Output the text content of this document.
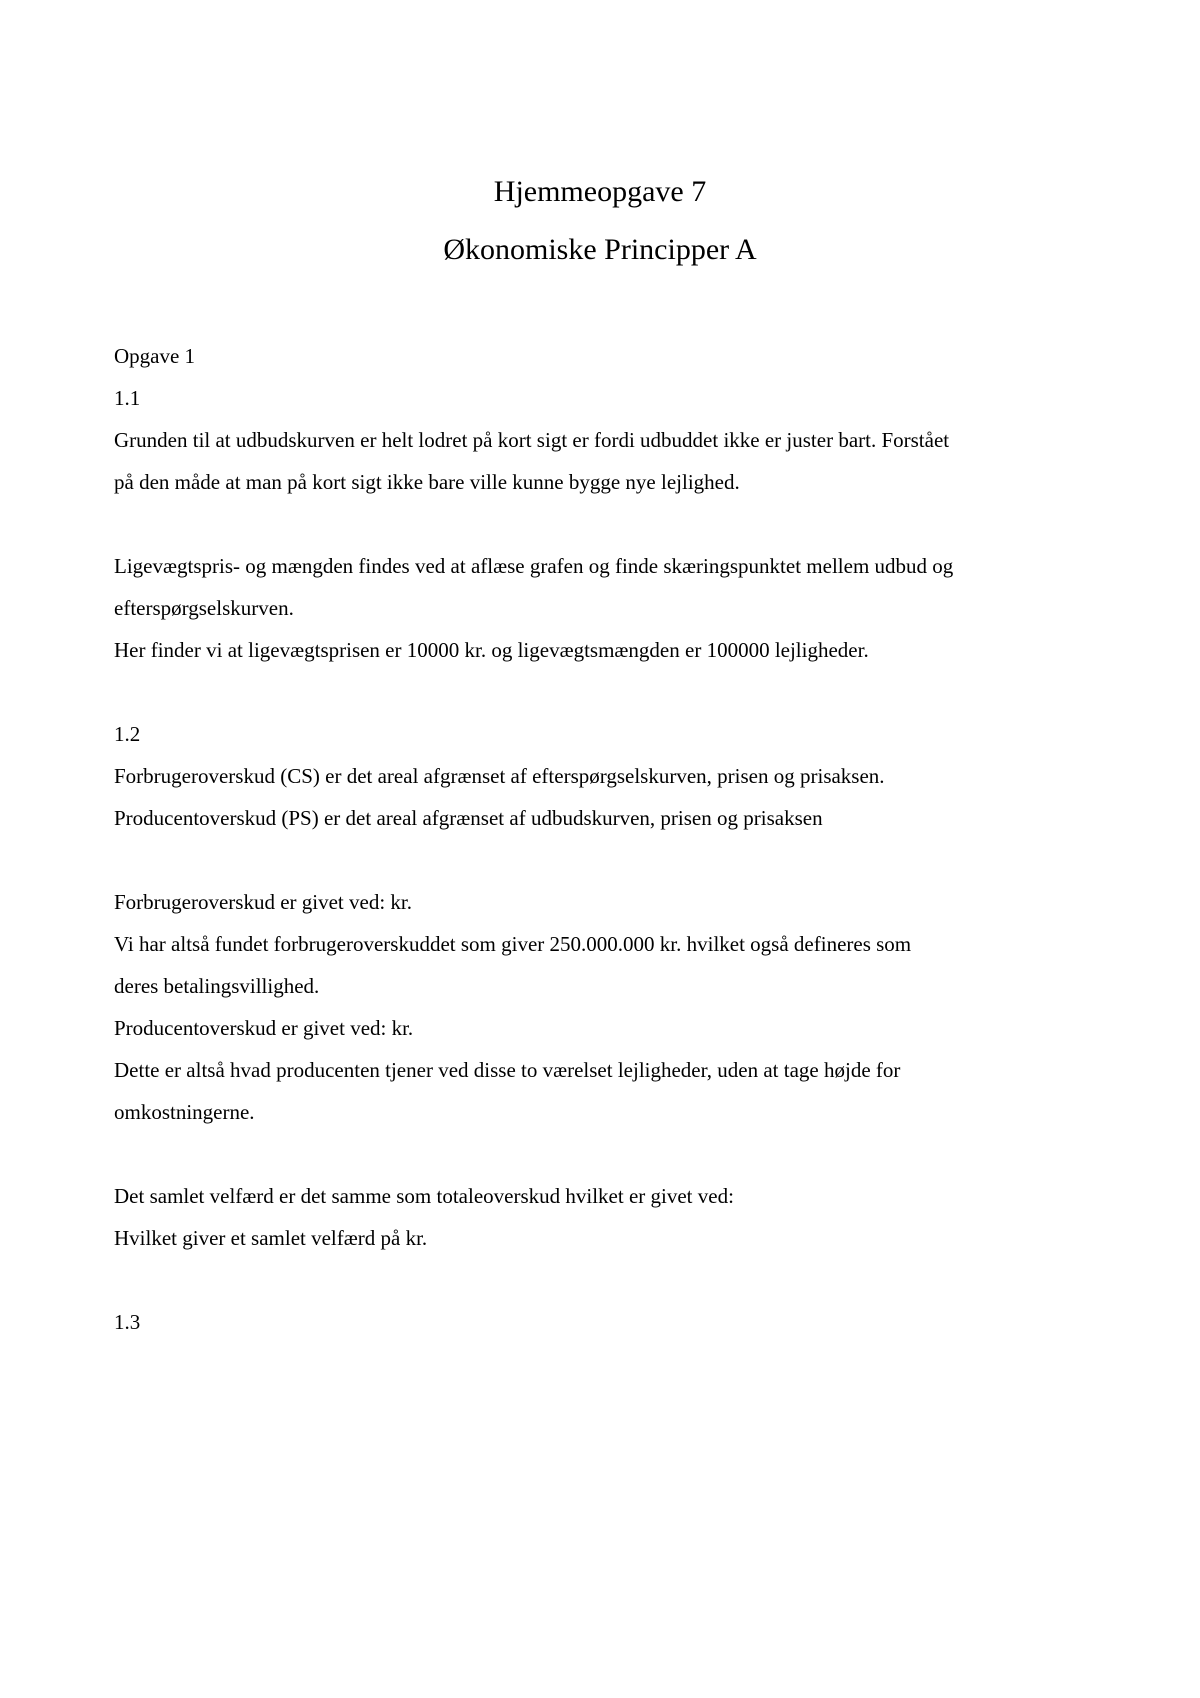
Hjemmeopgave 7
Økonomiske Principper A

Opgave 1

1.1

Grunden til at udbudskurven er helt lodret på kort sigt er fordi udbuddet ikke er juster bart. Forstået

på den måde at man på kort sigt ikke bare ville kunne bygge nye lejlighed.

Ligevægtspris- og mængden findes ved at aflæse grafen og finde skæringspunktet mellem udbud og

efterspørgselskurven.

Her finder vi at ligevægtsprisen er 10000 kr. og ligevægtsmængden er 100000 lejligheder.

1.2

Forbrugeroverskud (CS) er det areal afgrænset af efterspørgselskurven, prisen og prisaksen.

Producentoverskud (PS) er det areal afgrænset af udbudskurven, prisen og prisaksen

Forbrugeroverskud er givet ved: kr.

Vi har altså fundet forbrugeroverskuddet som giver 250.000.000 kr. hvilket også defineres som

deres betalingsvillighed.

Producentoverskud er givet ved: kr.

Dette er altså hvad producenten tjener ved disse to værelset lejligheder, uden at tage højde for

omkostningerne.

Det samlet velfærd er det samme som totaleoverskud hvilket er givet ved:

Hvilket giver et samlet velfærd på kr.

1.3
